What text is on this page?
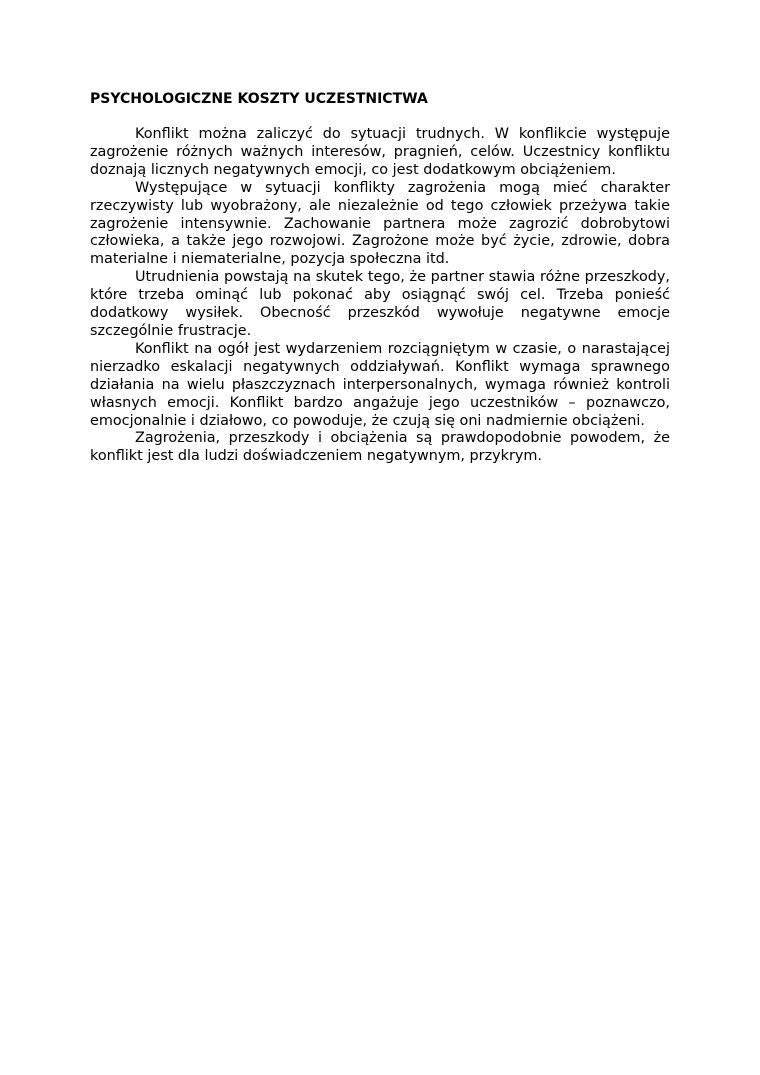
PSYCHOLOGICZNE KOSZTY UCZESTNICTWA

Konflikt można zaliczyć do sytuacji trudnych. W konflikcie występuje zagrożenie różnych ważnych interesów, pragnień, celów. Uczestnicy konfliktu doznają licznych negatywnych emocji, co jest dodatkowym obciążeniem.

Występujące w sytuacji konflikty zagrożenia mogą mieć charakter rzeczywisty lub wyobrażony, ale niezależnie od tego człowiek przeżywa takie zagrożenie intensywnie. Zachowanie partnera może zagrozić dobrobytowi człowieka, a także jego rozwojowi. Zagrożone może być życie, zdrowie, dobra materialne i niematerialne, pozycja społeczna itd.

Utrudnienia powstają na skutek tego, że partner stawia różne przeszkody, które trzeba ominąć lub pokonać aby osiągnąć swój cel. Trzeba ponieść dodatkowy wysiłek. Obecność przeszkód wywołuje negatywne emocje szczególnie frustracje.

Konflikt na ogół jest wydarzeniem rozciągniętym w czasie, o narastającej nierzadko eskalacji negatywnych oddziaływań. Konflikt wymaga sprawnego działania na wielu płaszczyznach interpersonalnych, wymaga również kontroli własnych emocji. Konflikt bardzo angażuje jego uczestników – poznawczo, emocjonalnie i działowo, co powoduje, że czują się oni nadmiernie obciążeni.

Zagrożenia, przeszkody i obciążenia są prawdopodobnie powodem, że konflikt jest dla ludzi doświadczeniem negatywnym, przykrym.
